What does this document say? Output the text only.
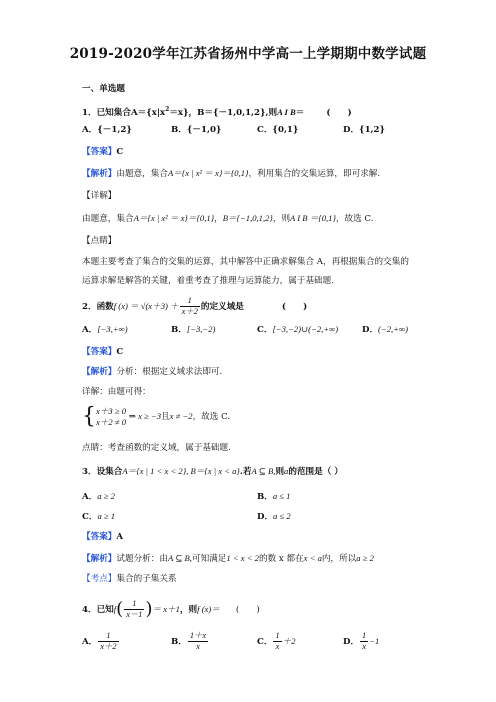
2019-2020学年江苏省扬州中学高一上学期期中数学试题
一、单选题
1．已知集合$A=\{x|x^2=x\}$，B＝{－1,0,1,2},则A I B＝	(　　)
A．{－1,2}	B．{－1,0}	C．{0,1}	D．{1,2}
【答案】C
【解析】由题意，集合A＝{x | x² ＝ x}＝{0,1}，利用集合的交集运算，即可求解.
【详解】
由题意，集合A＝{x | x² ＝ x}＝{0,1}，B＝{−1,0,1,2}，则A I B ＝{0,1}，故选 C.
【点睛】
本题主要考查了集合的交集的运算，其中解答中正确求解集合 A，再根据集合的交集的
运算求解是解答的关键，着重考查了推理与运算能力，属于基础题.
2．函数f $(x) = √(x+3) + \frac{1}{x+2}$ 的定义域是	(　　)
A．[−3,+∞)	B．[−3,−2)	C．[−3,−2)∪(−2,+∞)	D．(−2,+∞)
【答案】C
【解析】分析：根据定义域求法即可.
详解：由题可得：
{ x＋3 ≥ 0
x＋2 ≠ 0
⇒ x ≥ −3且x ≠ −2，故选 C.
点睛：考查函数的定义域，属于基础题.
3．设集合A＝{x | 1 < x < 2}, B＝{x | x < a}.若A ⊆ B,则a的范围是（ ）
A．a ≥ 2	B．a ≤ 1
C．a ≥ 1	D．a ≤ 2
【答案】A
【解析】试题分析：由A ⊆ B,可知满足1 < x < 2的数 x 都在x < a内，所以a ≥ 2
【考点】集合的子集关系
4．已知$f( \frac{1}{x-1}$ )＝ x＋1，则f (x)＝ (　　)
A． $\frac{1}{x+2}$	B． $\frac{1+x}{x}$	C． $\frac{1}{x} +2$	D． $\frac{1}{x} -1$
